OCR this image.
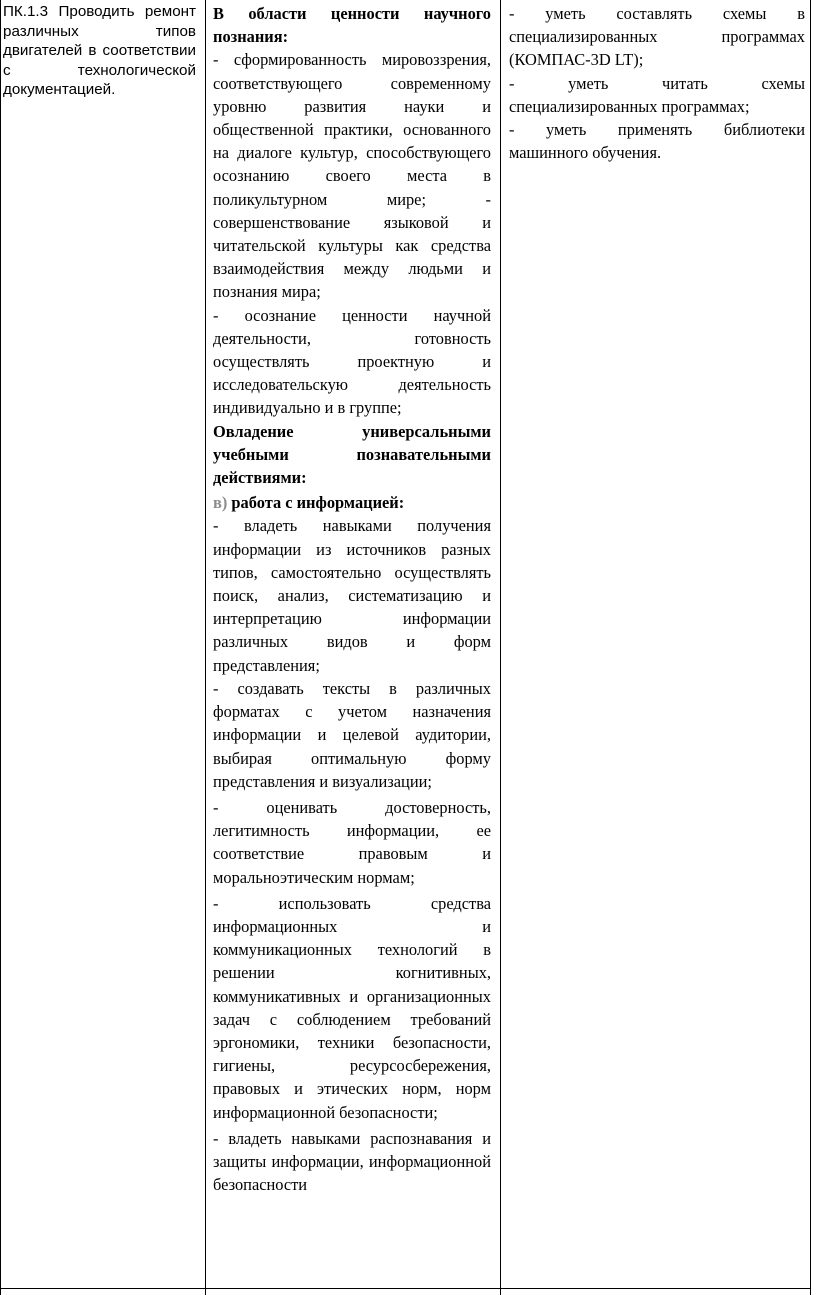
ПК.1.3 Проводить ремонт различных типов двигателей в соответствии с технологической документацией.

В области ценности научного познания:

- сформированность мировоззрения, соответствующего современному уровню развития науки и общественной практики, основанного на диалоге культур, способствующего осознанию своего места в поликультурном мире; - совершенствование языковой и читательской культуры как средства взаимодействия между людьми и познания мира;

- осознание ценности научной деятельности, готовность осуществлять проектную и исследовательскую деятельность индивидуально и в группе;

Овладение универсальными учебными познавательными действиями:

в) работа с информацией:

- владеть навыками получения информации из источников разных типов, самостоятельно осуществлять поиск, анализ, систематизацию и интерпретацию информации различных видов и форм представления;

- создавать тексты в различных форматах с учетом назначения информации и целевой аудитории, выбирая оптимальную форму представления и визуализации;

- оценивать достоверность, легитимность информации, ее соответствие правовым и моральноэтическим нормам;

- использовать средства информационных и коммуникационных технологий в решении когнитивных, коммуникативных и организационных задач с соблюдением требований эргономики, техники безопасности, гигиены, ресурсосбережения, правовых и этических норм, норм информационной безопасности;

- владеть навыками распознавания и защиты информации, информационной безопасности

- уметь составлять схемы в специализированных программах (КОМПАС-3D LT);

- уметь читать схемы специализированных программах;

- уметь применять библиотеки машинного обучения.
